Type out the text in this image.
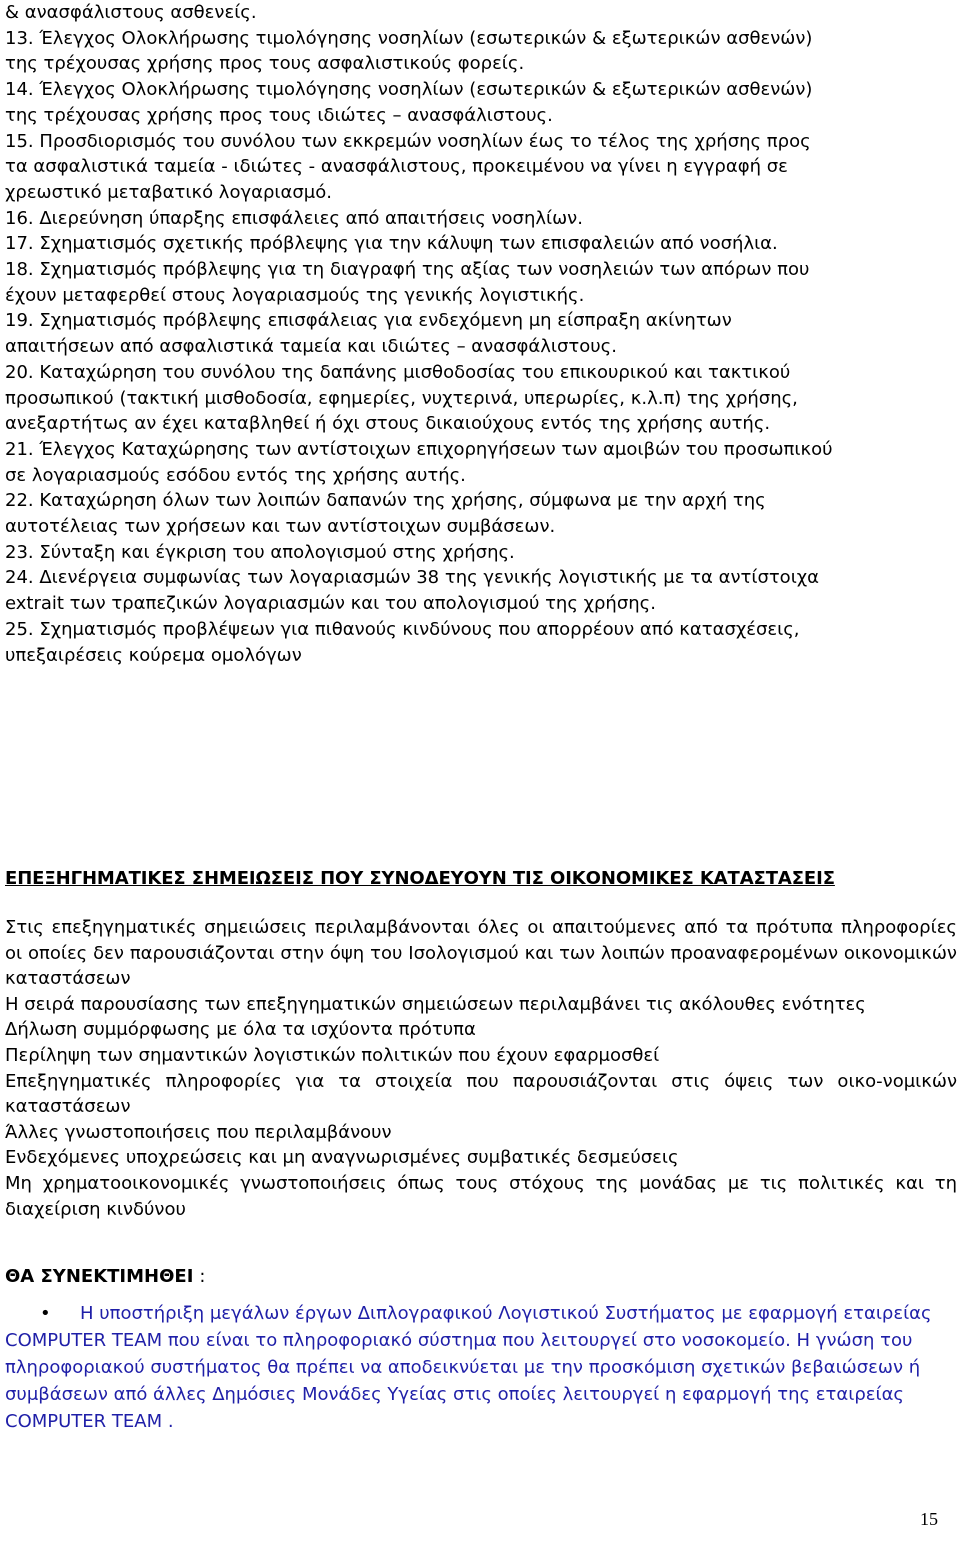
& ανασφάλιστους ασθενείς.

13. Έλεγχος Ολοκλήρωσης τιμολόγησης νοσηλίων (εσωτερικών & εξωτερικών ασθενών) της τρέχουσας χρήσης προς τους ασφαλιστικούς φορείς.

14. Έλεγχος Ολοκλήρωσης τιμολόγησης νοσηλίων (εσωτερικών & εξωτερικών ασθενών) της τρέχουσας χρήσης προς τους ιδιώτες – ανασφάλιστους.

15. Προσδιορισμός του συνόλου των εκκρεμών νοσηλίων έως το τέλος της χρήσης προς τα ασφαλιστικά ταμεία - ιδιώτες - ανασφάλιστους, προκειμένου να γίνει η εγγραφή σε χρεωστικό μεταβατικό λογαριασμό.

16. Διερεύνηση ύπαρξης επισφάλειες από απαιτήσεις νοσηλίων.

17. Σχηματισμός σχετικής πρόβλεψης για την κάλυψη των επισφαλειών από νοσήλια.

18. Σχηματισμός πρόβλεψης για τη διαγραφή της αξίας των νοσηλειών των απόρων που έχουν μεταφερθεί στους λογαριασμούς της γενικής λογιστικής.

19. Σχηματισμός πρόβλεψης επισφάλειας για ενδεχόμενη μη είσπραξη ακίνητων απαιτήσεων από ασφαλιστικά ταμεία και ιδιώτες – ανασφάλιστους.

20. Καταχώρηση του συνόλου της δαπάνης μισθοδοσίας του επικουρικού και τακτικού προσωπικού (τακτική μισθοδοσία, εφημερίες, νυχτερινά, υπερωρίες, κ.λ.π) της χρήσης, ανεξαρτήτως αν έχει καταβληθεί ή όχι στους δικαιούχους εντός της χρήσης αυτής.

21. Έλεγχος Καταχώρησης των αντίστοιχων επιχορηγήσεων των αμοιβών του προσωπικού σε λογαριασμούς εσόδου εντός της χρήσης αυτής.

22. Καταχώρηση όλων των λοιπών δαπανών της χρήσης, σύμφωνα με την αρχή της αυτοτέλειας των χρήσεων και των αντίστοιχων συμβάσεων.

23. Σύνταξη και έγκριση του απολογισμού στης χρήσης.

24. Διενέργεια συμφωνίας των λογαριασμών 38 της γενικής λογιστικής με τα αντίστοιχα extrait των τραπεζικών λογαριασμών και του απολογισμού της χρήσης.

25. Σχηματισμός προβλέψεων για πιθανούς κινδύνους που απορρέουν από κατασχέσεις, υπεξαιρέσεις κούρεμα ομολόγων

ΕΠΕΞΗΓΗΜΑΤΙΚΕΣ ΣΗΜΕΙΩΣΕΙΣ ΠΟΥ ΣΥΝΟΔΕΥΟΥΝ ΤΙΣ ΟΙΚΟΝΟΜΙΚΕΣ ΚΑΤΑΣΤΑΣΕΙΣ

Στις επεξηγηματικές σημειώσεις περιλαμβάνονται όλες οι απαιτούμενες από τα πρότυπα πληροφορίες οι οποίες δεν παρουσιάζονται στην όψη του Ισολογισμού και των λοιπών προαναφερομένων οικονομικών καταστάσεων

Η σειρά παρουσίασης των επεξηγηματικών σημειώσεων περιλαμβάνει τις ακόλουθες ενότητες

Δήλωση συμμόρφωσης με όλα τα ισχύοντα πρότυπα

Περίληψη των σημαντικών λογιστικών πολιτικών που έχουν εφαρμοσθεί

Επεξηγηματικές πληροφορίες για τα στοιχεία που παρουσιάζονται στις όψεις των οικο-νομικών καταστάσεων

Άλλες γνωστοποιήσεις που περιλαμβάνουν

Ενδεχόμενες υποχρεώσεις και μη αναγνωρισμένες συμβατικές δεσμεύσεις

Μη χρηματοοικονομικές γνωστοποιήσεις όπως τους στόχους της μονάδας με τις πολιτικές και τη διαχείριση κινδύνου

ΘΑ ΣΥΝΕΚΤΙΜΗΘΕΙ :
•	Η υποστήριξη μεγάλων έργων Διπλογραφικού Λογιστικού Συστήματος με εφαρμογή εταιρείας COMPUTER TEAM που είναι το πληροφοριακό σύστημα που λειτουργεί στο νοσοκομείο. Η γνώση του πληροφοριακού συστήματος θα πρέπει να αποδεικνύεται με την προσκόμιση σχετικών βεβαιώσεων ή συμβάσεων από άλλες Δημόσιες Μονάδες Υγείας στις οποίες λειτουργεί η εφαρμογή της εταιρείας COMPUTER TEAM .

15
